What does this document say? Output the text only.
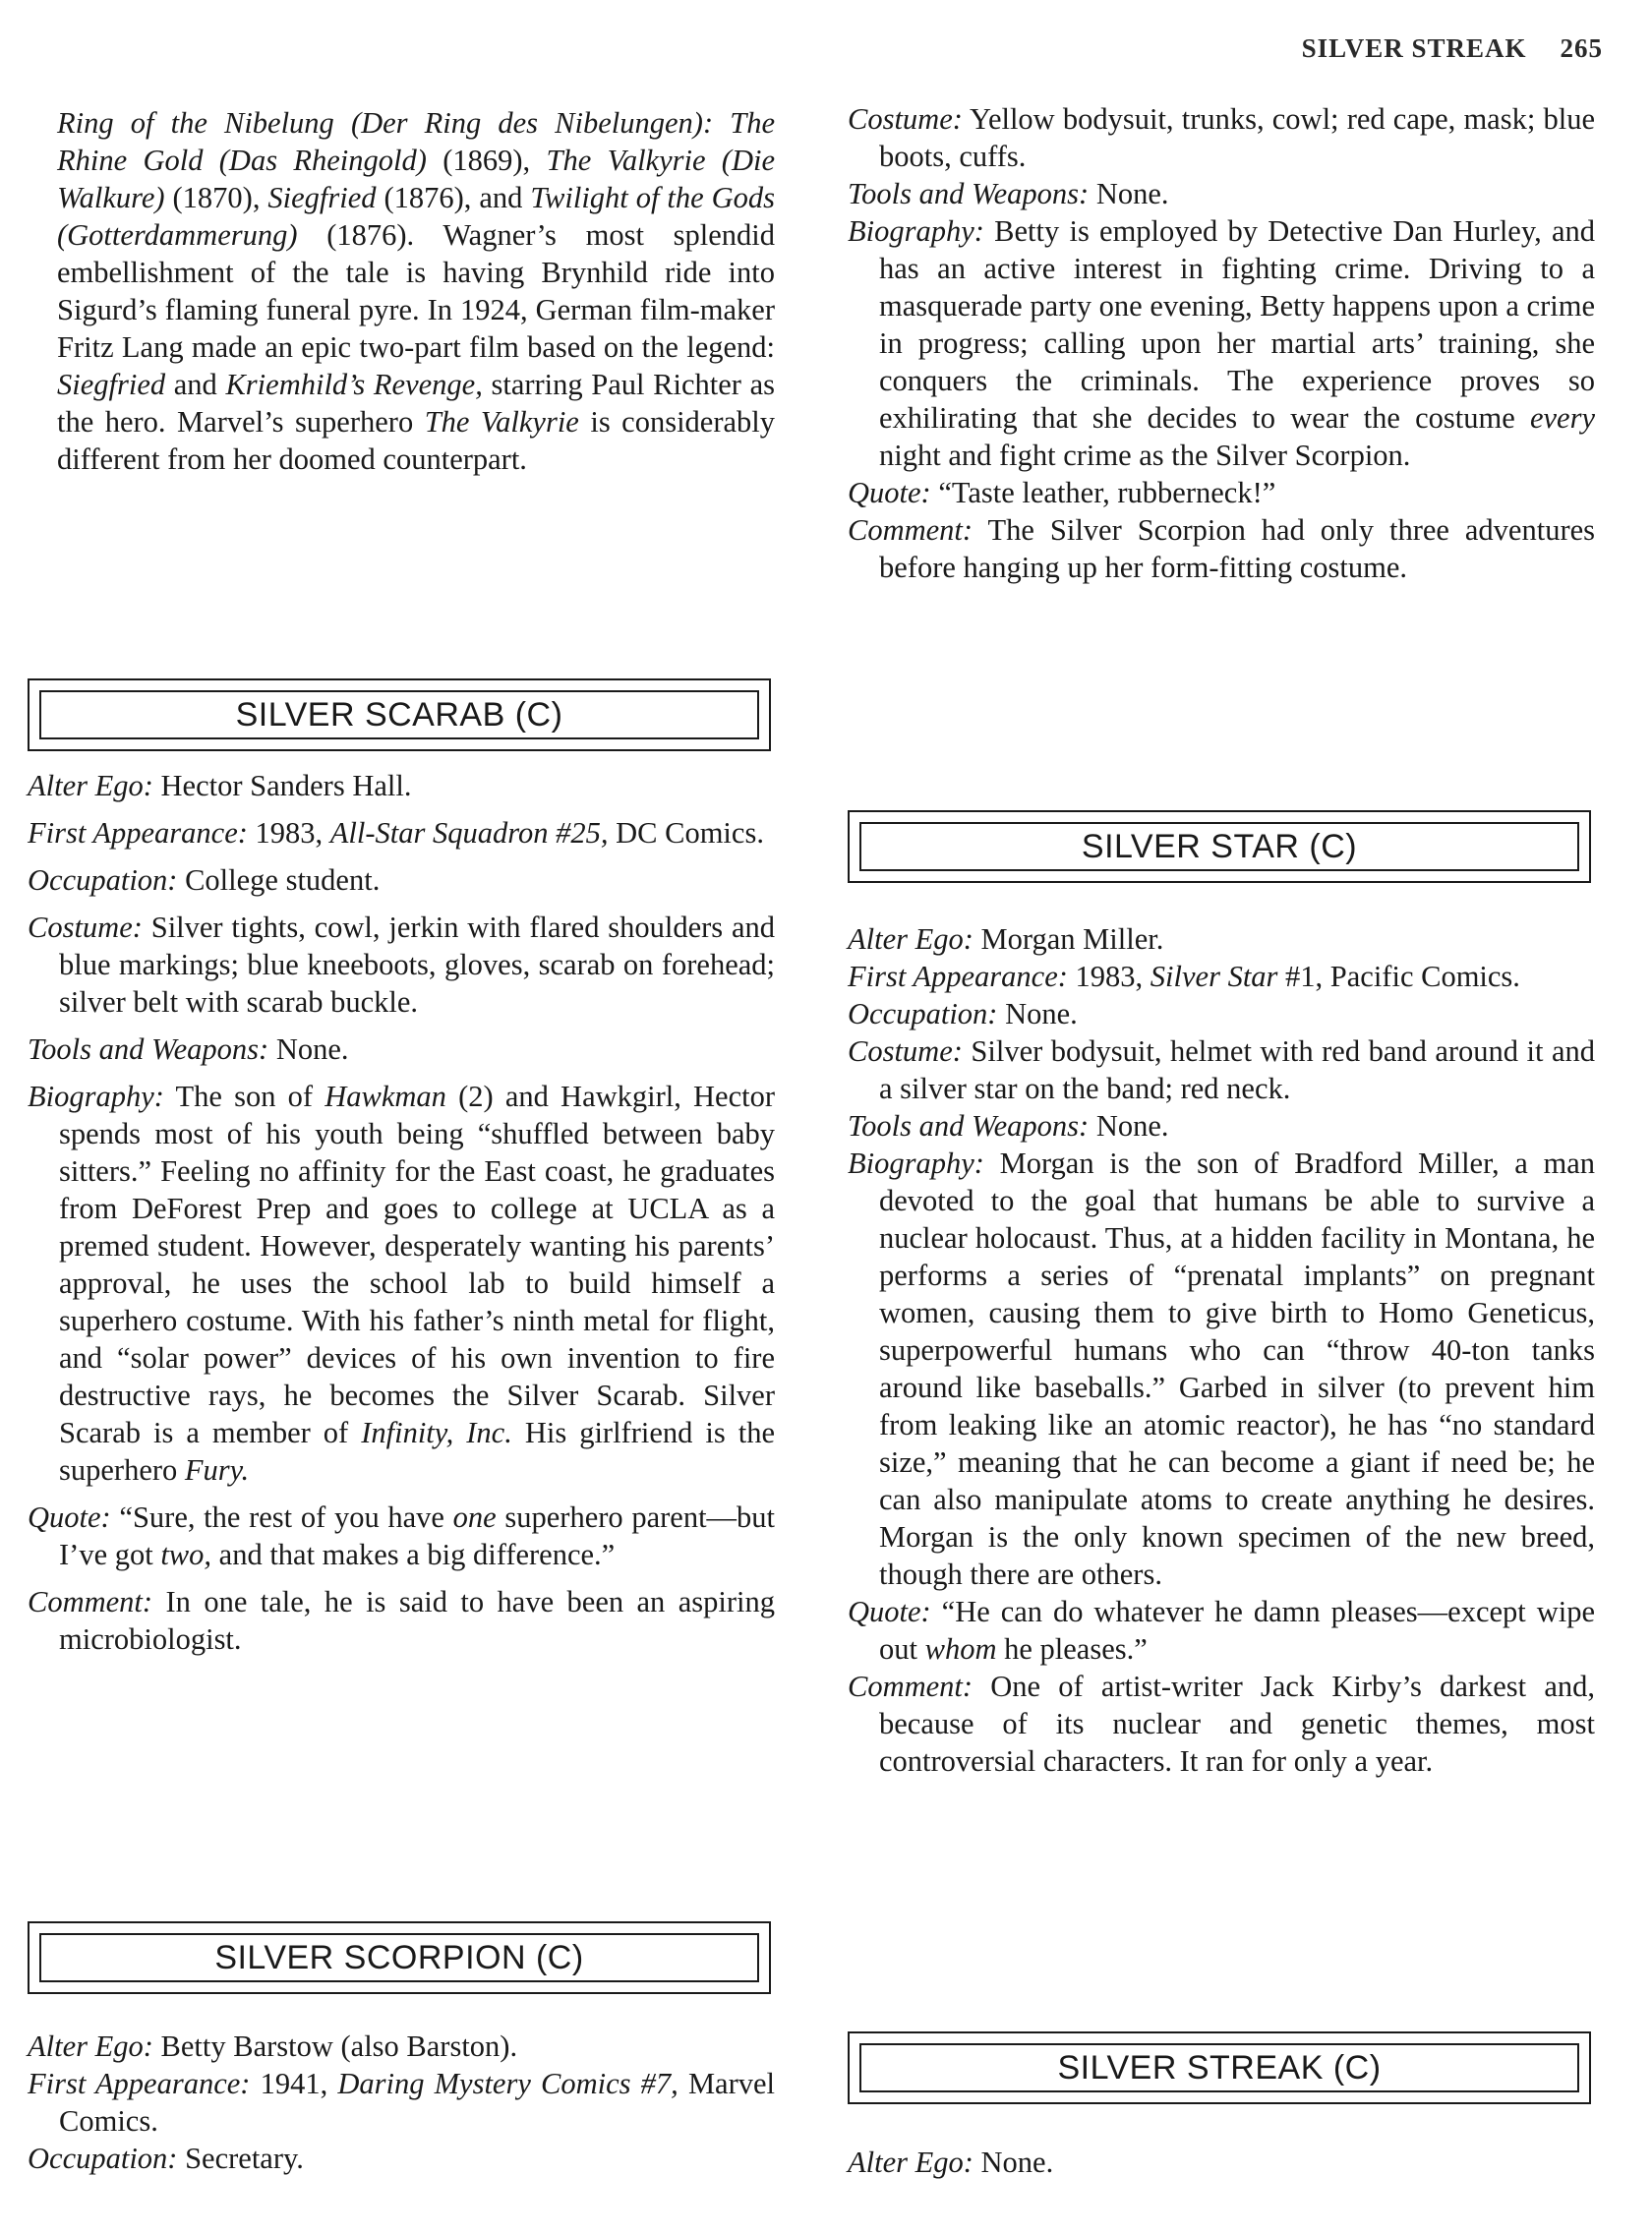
SILVER STREAK 265

Ring of the Nibelung (Der Ring des Nibelungen): The Rhine Gold (Das Rheingold) (1869), The Valkyrie (Die Walkure) (1870), Siegfried (1876), and Twilight of the Gods (Gotterdammerung) (1876). Wagner’s most splendid embellishment of the tale is having Brynhild ride into Sigurd’s flaming funeral pyre. In 1924, German film-maker Fritz Lang made an epic two-part film based on the legend: Siegfried and Kriemhild’s Revenge, starring Paul Richter as the hero. Marvel’s superhero The Valkyrie is considerably different from her doomed counterpart.

SILVER SCARAB (C)

Alter Ego: Hector Sanders Hall.

First Appearance: 1983, All-Star Squadron #25, DC Comics.

Occupation: College student.

Costume: Silver tights, cowl, jerkin with flared shoulders and blue markings; blue kneeboots, gloves, scarab on forehead; silver belt with scarab buckle.

Tools and Weapons: None.

Biography: The son of Hawkman (2) and Hawkgirl, Hector spends most of his youth being “shuffled between baby sitters.” Feeling no affinity for the East coast, he graduates from DeForest Prep and goes to college at UCLA as a premed student. However, desperately wanting his parents’ approval, he uses the school lab to build himself a superhero costume. With his father’s ninth metal for flight, and “solar power” devices of his own invention to fire destructive rays, he becomes the Silver Scarab. Silver Scarab is a member of Infinity, Inc. His girlfriend is the superhero Fury.

Quote: “Sure, the rest of you have one superhero parent—but I’ve got two, and that makes a big difference.”

Comment: In one tale, he is said to have been an aspiring microbiologist.

SILVER SCORPION (C)

Alter Ego: Betty Barstow (also Barston).

First Appearance: 1941, Daring Mystery Comics #7, Marvel Comics.

Occupation: Secretary.

Costume: Yellow bodysuit, trunks, cowl; red cape, mask; blue boots, cuffs.

Tools and Weapons: None.

Biography: Betty is employed by Detective Dan Hurley, and has an active interest in fighting crime. Driving to a masquerade party one evening, Betty happens upon a crime in progress; calling upon her martial arts’ training, she conquers the criminals. The experience proves so exhilirating that she decides to wear the costume every night and fight crime as the Silver Scorpion.

Quote: “Taste leather, rubberneck!”

Comment: The Silver Scorpion had only three adventures before hanging up her form-fitting costume.

SILVER STAR (C)

Alter Ego: Morgan Miller.

First Appearance: 1983, Silver Star #1, Pacific Comics.

Occupation: None.

Costume: Silver bodysuit, helmet with red band around it and a silver star on the band; red neck.

Tools and Weapons: None.

Biography: Morgan is the son of Bradford Miller, a man devoted to the goal that humans be able to survive a nuclear holocaust. Thus, at a hidden facility in Montana, he performs a series of “prenatal implants” on pregnant women, causing them to give birth to Homo Geneticus, superpowerful humans who can “throw 40-ton tanks around like baseballs.” Garbed in silver (to prevent him from leaking like an atomic reactor), he has “no standard size,” meaning that he can become a giant if need be; he can also manipulate atoms to create anything he desires. Morgan is the only known specimen of the new breed, though there are others.

Quote: “He can do whatever he damn pleases—except wipe out whom he pleases.”

Comment: One of artist-writer Jack Kirby’s darkest and, because of its nuclear and genetic themes, most controversial characters. It ran for only a year.

SILVER STREAK (C)

Alter Ego: None.
